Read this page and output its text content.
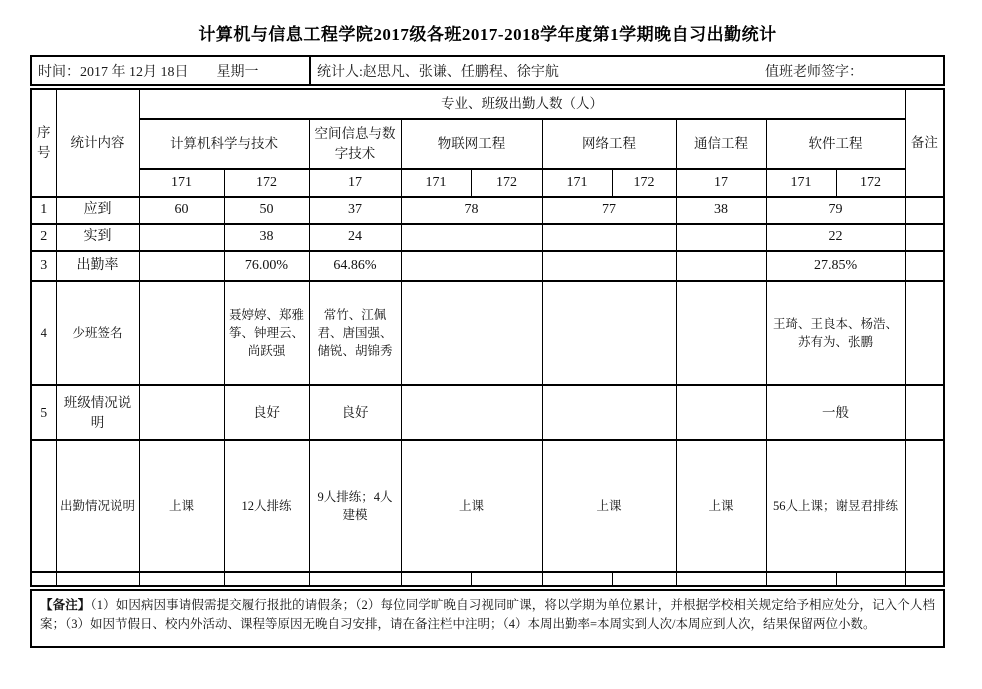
计算机与信息工程学院2017级各班2017-2018学年度第1学期晚自习出勤统计
时间：2017 年 12月 18日 星期一	统计人:赵思凡、张谦、任鹏程、徐宇航	值班老师签字：
序号	统计内容	专业、班级出勤人数（人）										备注
		计算机科学与技术		空间信息与数字技术	物联网工程		网络工程		通信工程	软件工程		
		171	172	17	171	172	171	172	17	171	172	
1	应到	60	50	37	78		77		38	79		
2	实到		38	24						22		
3	出勤率		76.00%	64.86%						27.85%		
4	少班签名		聂婷婷、郑雅筝、钟理云、尚跃强	常竹、江佩君、唐国强、储锐、胡锦秀						王琦、王良本、杨浩、苏有为、张鹏		
5	班级情况说明		良好	良好						一般		
	出勤情况说明	上课	12人排练	9人排练；4人建模	上课		上课		上课	56人上课；谢昱君排练		

【备注】（1）如因病因事请假需提交履行报批的请假条；（2）每位同学旷晚自习视同旷课，将以学期为单位累计，并根据学校相关规定给予相应处分，记入个人档案；（3）如因节假日、校内外活动、课程等原因无晚自习安排，请在备注栏中注明；（4）本周出勤率=本周实到人次/本周应到人次，结果保留两位小数。
